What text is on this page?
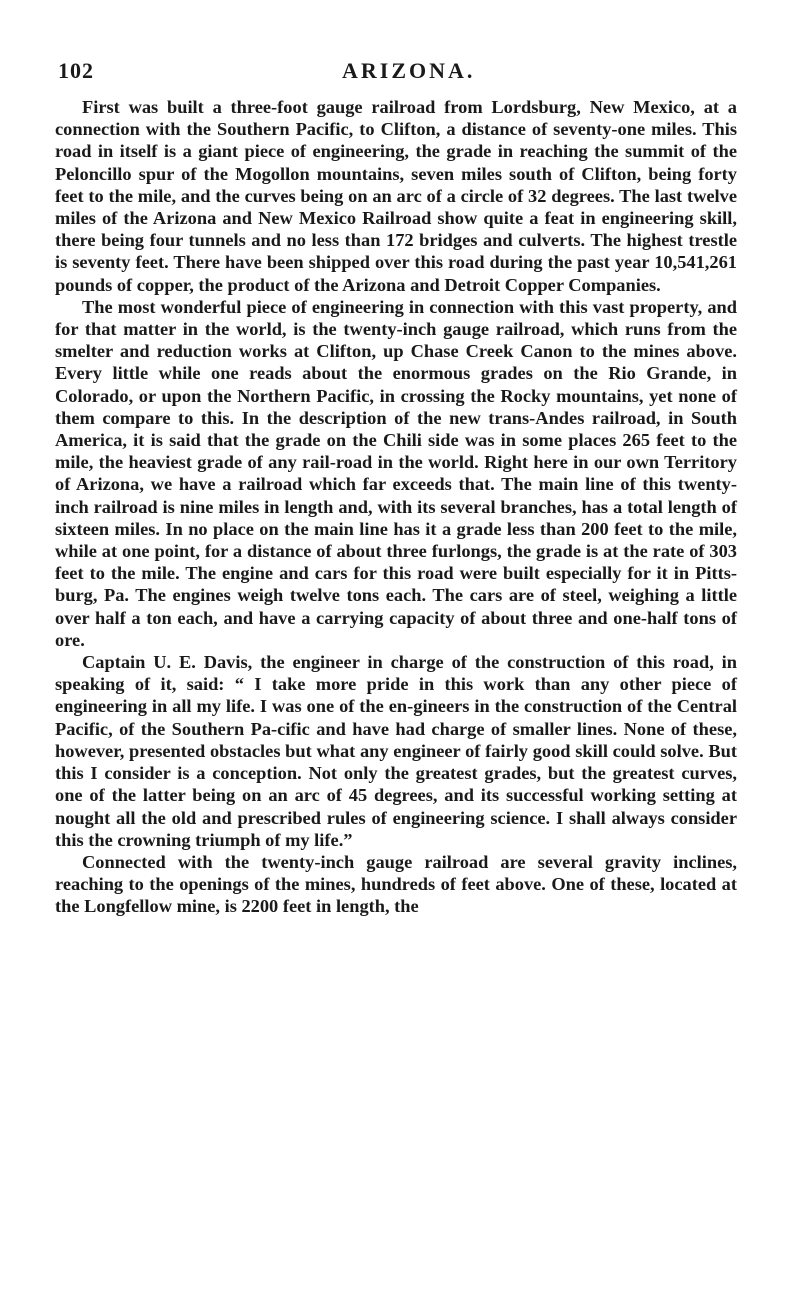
102	ARIZONA.

First was built a three-foot gauge railroad from Lordsburg, New Mexico, at a connection with the Southern Pacific, to Clifton, a distance of seventy-one miles. This road in itself is a giant piece of engineering, the grade in reaching the summit of the Peloncillo spur of the Mogollon mountains, seven miles south of Clifton, being forty feet to the mile, and the curves being on an arc of a circle of 32 degrees. The last twelve miles of the Arizona and New Mexico Railroad show quite a feat in engineering skill, there being four tunnels and no less than 172 bridges and culverts. The highest trestle is seventy feet. There have been shipped over this road during the past year 10,541,261 pounds of copper, the product of the Arizona and Detroit Copper Companies.

The most wonderful piece of engineering in connection with this vast property, and for that matter in the world, is the twenty-inch gauge railroad, which runs from the smelter and reduction works at Clifton, up Chase Creek Canon to the mines above. Every little while one reads about the enormous grades on the Rio Grande, in Colorado, or upon the Northern Pacific, in crossing the Rocky mountains, yet none of them compare to this. In the description of the new trans-Andes railroad, in South America, it is said that the grade on the Chili side was in some places 265 feet to the mile, the heaviest grade of any rail-road in the world. Right here in our own Territory of Arizona, we have a railroad which far exceeds that. The main line of this twenty-inch railroad is nine miles in length and, with its several branches, has a total length of sixteen miles. In no place on the main line has it a grade less than 200 feet to the mile, while at one point, for a distance of about three furlongs, the grade is at the rate of 303 feet to the mile. The engine and cars for this road were built especially for it in Pitts-burg, Pa. The engines weigh twelve tons each. The cars are of steel, weighing a little over half a ton each, and have a carrying capacity of about three and one-half tons of ore.

Captain U. E. Davis, the engineer in charge of the construction of this road, in speaking of it, said: “ I take more pride in this work than any other piece of engineering in all my life. I was one of the en-gineers in the construction of the Central Pacific, of the Southern Pa-cific and have had charge of smaller lines. None of these, however, presented obstacles but what any engineer of fairly good skill could solve. But this I consider is a conception. Not only the greatest grades, but the greatest curves, one of the latter being on an arc of 45 degrees, and its successful working setting at nought all the old and prescribed rules of engineering science. I shall always consider this the crowning triumph of my life.”

Connected with the twenty-inch gauge railroad are several gravity inclines, reaching to the openings of the mines, hundreds of feet above. One of these, located at the Longfellow mine, is 2200 feet in length, the
